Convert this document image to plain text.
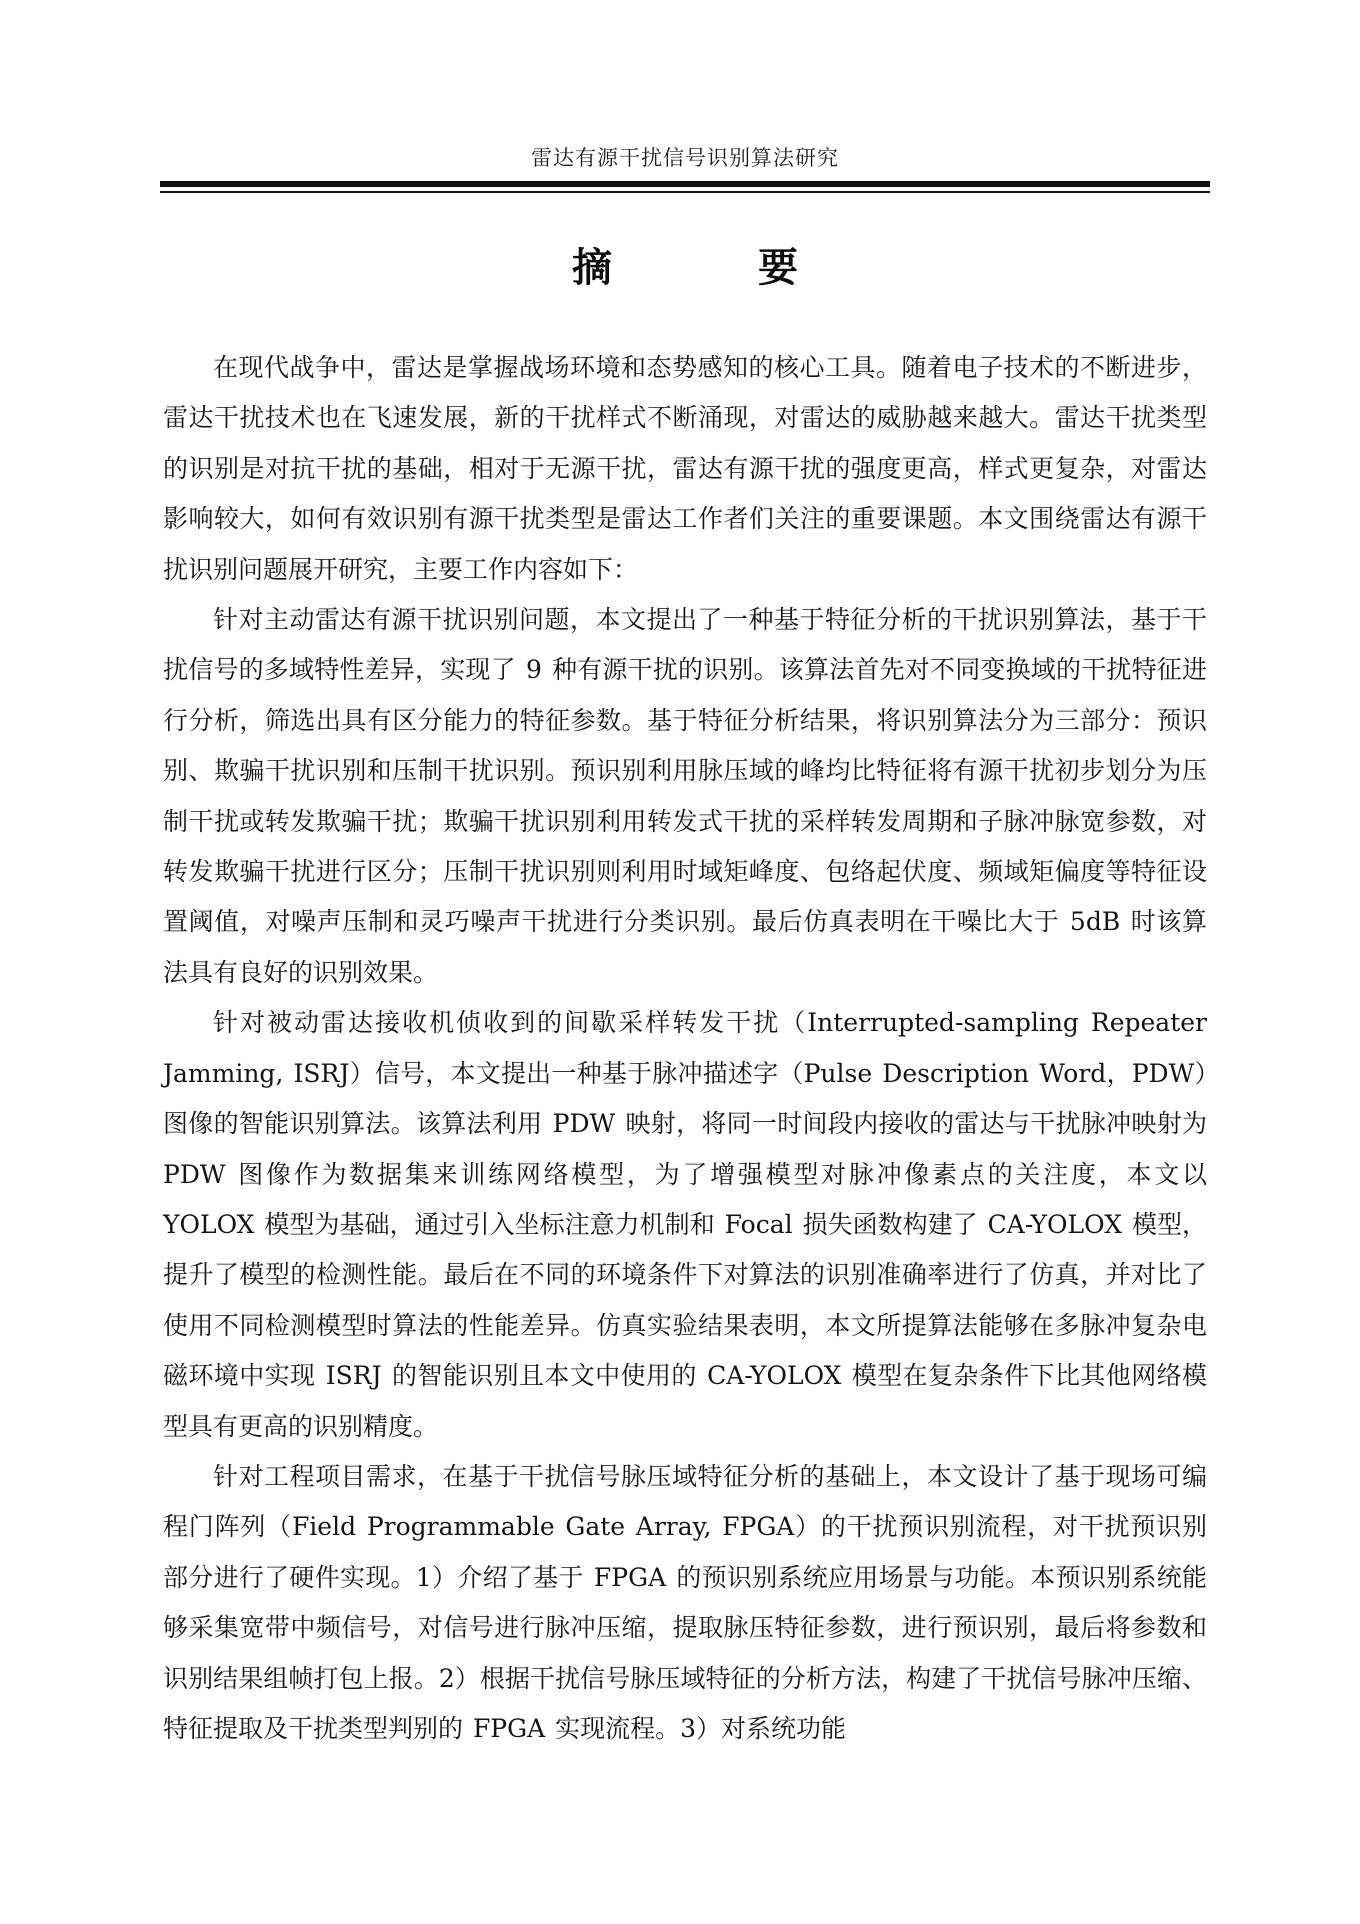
雷达有源干扰信号识别算法研究
摘 要

在现代战争中，雷达是掌握战场环境和态势感知的核心工具。随着电子技术的不断进步，雷达干扰技术也在飞速发展，新的干扰样式不断涌现，对雷达的威胁越来越大。雷达干扰类型的识别是对抗干扰的基础，相对于无源干扰，雷达有源干扰的强度更高，样式更复杂，对雷达影响较大，如何有效识别有源干扰类型是雷达工作者们关注的重要课题。本文围绕雷达有源干扰识别问题展开研究，主要工作内容如下：

针对主动雷达有源干扰识别问题，本文提出了一种基于特征分析的干扰识别算法，基于干扰信号的多域特性差异，实现了 9 种有源干扰的识别。该算法首先对不同变换域的干扰特征进行分析，筛选出具有区分能力的特征参数。基于特征分析结果，将识别算法分为三部分：预识别、欺骗干扰识别和压制干扰识别。预识别利用脉压域的峰均比特征将有源干扰初步划分为压制干扰或转发欺骗干扰；欺骗干扰识别利用转发式干扰的采样转发周期和子脉冲脉宽参数，对转发欺骗干扰进行区分；压制干扰识别则利用时域矩峰度、包络起伏度、频域矩偏度等特征设置阈值，对噪声压制和灵巧噪声干扰进行分类识别。最后仿真表明在干噪比大于 5dB 时该算法具有良好的识别效果。

针对被动雷达接收机侦收到的间歇采样转发干扰（Interrupted-sampling Repeater Jamming, ISRJ）信号，本文提出一种基于脉冲描述字（Pulse Description Word，PDW）图像的智能识别算法。该算法利用 PDW 映射，将同一时间段内接收的雷达与干扰脉冲映射为 PDW 图像作为数据集来训练网络模型，为了增强模型对脉冲像素点的关注度，本文以 YOLOX 模型为基础，通过引入坐标注意力机制和 Focal 损失函数构建了 CA-YOLOX 模型，提升了模型的检测性能。最后在不同的环境条件下对算法的识别准确率进行了仿真，并对比了使用不同检测模型时算法的性能差异。仿真实验结果表明，本文所提算法能够在多脉冲复杂电磁环境中实现 ISRJ 的智能识别且本文中使用的 CA-YOLOX 模型在复杂条件下比其他网络模型具有更高的识别精度。

针对工程项目需求，在基于干扰信号脉压域特征分析的基础上，本文设计了基于现场可编程门阵列（Field Programmable Gate Array, FPGA）的干扰预识别流程，对干扰预识别部分进行了硬件实现。1）介绍了基于 FPGA 的预识别系统应用场景与功能。本预识别系统能够采集宽带中频信号，对信号进行脉冲压缩，提取脉压特征参数，进行预识别，最后将参数和识别结果组帧打包上报。2）根据干扰信号脉压域特征的分析方法，构建了干扰信号脉冲压缩、特征提取及干扰类型判别的 FPGA 实现流程。3）对系统功能
